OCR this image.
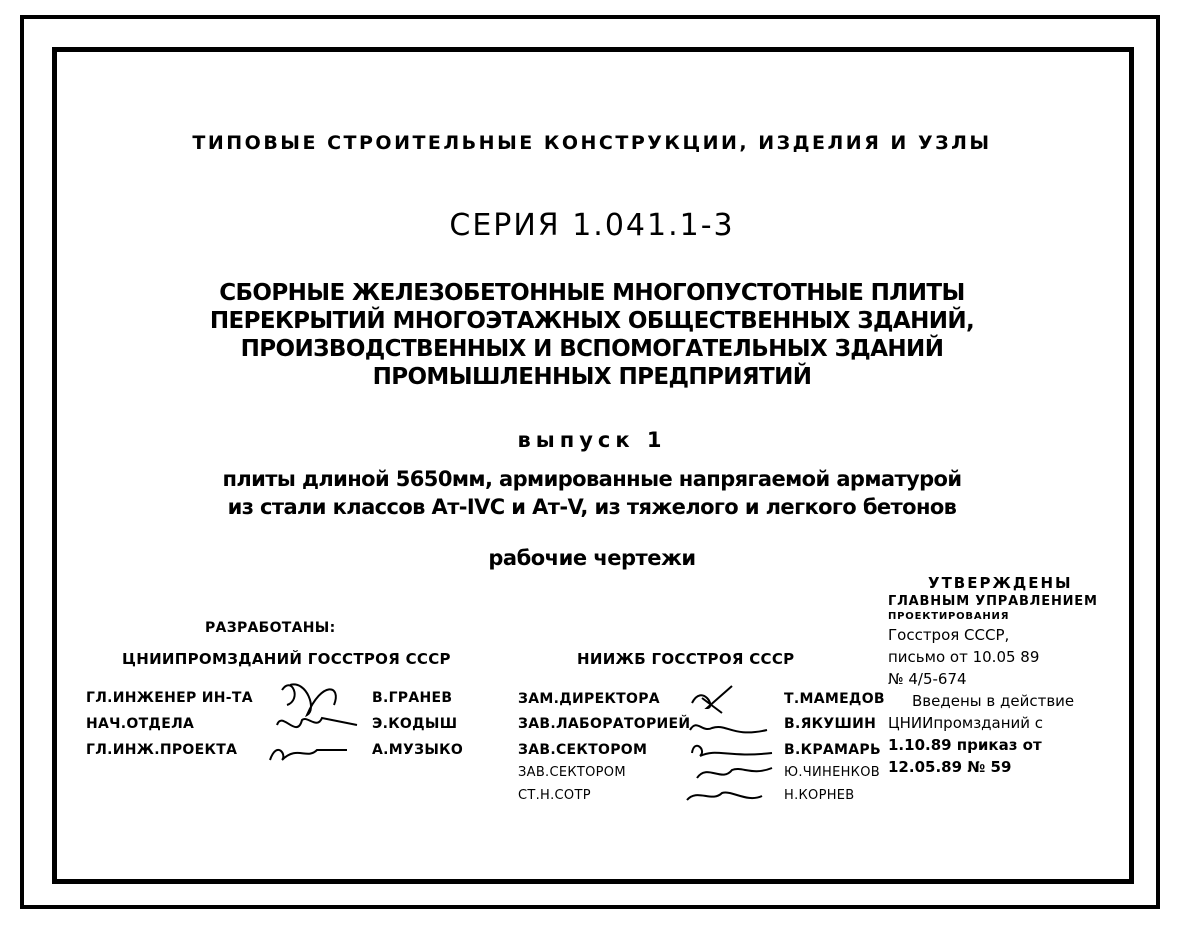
ТИПОВЫЕ СТРОИТЕЛЬНЫЕ КОНСТРУКЦИИ, ИЗДЕЛИЯ И УЗЛЫ
СЕРИЯ 1.041.1-3
СБОРНЫЕ ЖЕЛЕЗОБЕТОННЫЕ МНОГОПУСТОТНЫЕ ПЛИТЫ
ПЕРЕКРЫТИЙ МНОГОЭТАЖНЫХ ОБЩЕСТВЕННЫХ ЗДАНИЙ,
ПРОИЗВОДСТВЕННЫХ И ВСПОМОГАТЕЛЬНЫХ ЗДАНИЙ
ПРОМЫШЛЕННЫХ ПРЕДПРИЯТИЙ
выпуск 1
плиты длиной 5650мм, армированные напрягаемой арматурой
из стали классов Ат-IVC и Ат-V, из тяжелого и легкого бетонов
рабочие чертежи
РАЗРАБОТАНЫ:
ЦНИИПРОМЗДАНИЙ ГОССТРОЯ СССР
ГЛ.ИНЖЕНЕР ИН-ТА
НАЧ.ОТДЕЛА
ГЛ.ИНЖ.ПРОЕКТА
В.ГРАНЕВ
Э.КОДЫШ
А.МУЗЫКО
НИИЖБ ГОССТРОЯ СССР
ЗАМ.ДИРЕКТОРА
ЗАВ.ЛАБОРАТОРИЕЙ
ЗАВ.СЕКТОРОМ
ЗАВ.СЕКТОРОМ
СТ.Н.СОТР
Т.МАМЕДОВ
В.ЯКУШИН
В.КРАМАРЬ
Ю.ЧИНЕНКОВ
Н.КОРНЕВ
УТВЕРЖДЕНЫ
ГЛАВНЫМ УПРАВЛЕНИЕМ
ПРОЕКТИРОВАНИЯ
Госстроя СССР,
письмо от 10.05 89
№ 4/5-674
Введены в действие
ЦНИИпромзданий с
1.10.89 приказ от
12.05.89 № 59
